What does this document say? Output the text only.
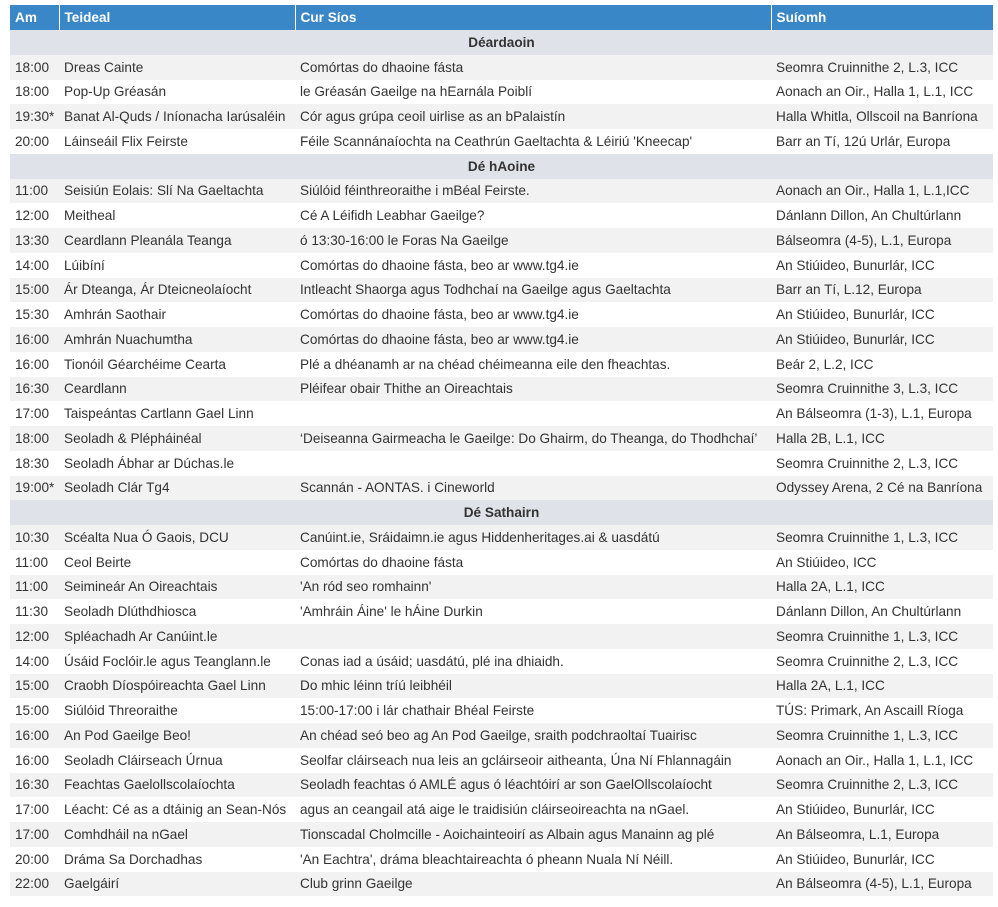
Am	Teideal	Cur Síos	Suíomh
Déardaoin			
18:00	Dreas Cainte	Comórtas do dhaoine fásta	Seomra Cruinnithe 2, L.3, ICC
18:00	Pop-Up Gréasán	le Gréasán Gaeilge na hEarnála Poiblí	Aonach an Oir., Halla 1, L.1, ICC
19:30*	Banat Al-Quds / Iníonacha Iarúsaléin	Cór agus grúpa ceoil uirlise as an bPalaistín	Halla Whitla, Ollscoil na Banríona
20:00	Láinseáil Flix Feirste	Féile Scannánaíochta na Ceathrún Gaeltachta & Léiriú 'Kneecap'	Barr an Tí, 12ú Urlár, Europa
Dé hAoine			
11:00	Seisiún Eolais: Slí Na Gaeltachta	Siúlóid féinthreoraithe i mBéal Feirste.	Aonach an Oir., Halla 1, L.1,ICC
12:00	Meitheal	Cé A Léifidh Leabhar Gaeilge?	Dánlann Dillon, An Chultúrlann
13:30	Ceardlann Pleanála Teanga	ó 13:30-16:00 le Foras Na Gaeilge	Bálseomra (4-5), L.1, Europa
14:00	Lúibíní	Comórtas do dhaoine fásta, beo ar www.tg4.ie	An Stiúideo, Bunurlár, ICC
15:00	Ár Dteanga, Ár Dteicneolaíocht	Intleacht Shaorga agus Todhchaí na Gaeilge agus Gaeltachta	Barr an Tí, L.12, Europa
15:30	Amhrán Saothair	Comórtas do dhaoine fásta, beo ar www.tg4.ie	An Stiúideo, Bunurlár, ICC
16:00	Amhrán Nuachumtha	Comórtas do dhaoine fásta, beo ar www.tg4.ie	An Stiúideo, Bunurlár, ICC
16:00	Tionóil Géarchéime Cearta	Plé a dhéanamh ar na chéad chéimeanna eile den fheachtas.	Beár 2, L.2, ICC
16:30	Ceardlann	Pléifear obair Thithe an Oireachtais	Seomra Cruinnithe 3, L.3, ICC
17:00	Taispeántas Cartlann Gael Linn		An Bálseomra (1-3), L.1, Europa
18:00	Seoladh & Plépháinéal	‘Deiseanna Gairmeacha le Gaeilge: Do Ghairm, do Theanga, do Thodhchaí’	Halla 2B, L.1, ICC
18:30	Seoladh Ábhar ar Dúchas.le		Seomra Cruinnithe 2, L.3, ICC
19:00*	Seoladh Clár Tg4	Scannán - AONTAS. i Cineworld	Odyssey Arena, 2 Cé na Banríona
Dé Sathairn			
10:30	Scéalta Nua Ó Gaois, DCU	Canúint.ie, Sráidaimn.ie agus Hiddenheritages.ai & uasdátú	Seomra Cruinnithe 1, L.3, ICC
11:00	Ceol Beirte	Comórtas do dhaoine fásta	An Stiúideo, ICC
11:00	Seimineár An Oireachtais	'An ród seo romhainn'	Halla 2A, L.1, ICC
11:30	Seoladh Dlúthdhiosca	'Amhráin Áine' le hÁine Durkin	Dánlann Dillon, An Chultúrlann
12:00	Spléachadh Ar Canúint.le		Seomra Cruinnithe 1, L.3, ICC
14:00	Úsáid Foclóir.le agus Teanglann.le	Conas iad a úsáid; uasdátú, plé ina dhiaidh.	Seomra Cruinnithe 2, L.3, ICC
15:00	Craobh Díospóireachta Gael Linn	Do mhic léinn tríú leibhéil	Halla 2A, L.1, ICC
15:00	Siúlóid Threoraithe	15:00-17:00 i lár chathair Bhéal Feirste	TÚS: Primark, An Ascaill Ríoga
16:00	An Pod Gaeilge Beo!	An chéad seó beo ag An Pod Gaeilge, sraith podchraoltaí Tuairisc	Seomra Cruinnithe 1, L.3, ICC
16:00	Seoladh Cláirseach Úrnua	Seolfar cláirseach nua leis an gcláirseoir aitheanta, Úna Ní Fhlannagáin	Aonach an Oir., Halla 1, L.1, ICC
16:30	Feachtas Gaelollscolaíochta	Seoladh feachtas ó AMLÉ agus ó léachtóirí ar son GaelOllscolaíocht	Seomra Cruinnithe 2, L.3, ICC
17:00	Léacht: Cé as a dtáinig an Sean-Nós	agus an ceangail atá aige le traidisiún cláirseoireachta na nGael.	An Stiúideo, Bunurlár, ICC
17:00	Comhdháil na nGael	Tionscadal Cholmcille - Aoichainteoirí as Albain agus Manainn ag plé	An Bálseomra, L.1, Europa
20:00	Dráma Sa Dorchadhas	'An Eachtra', dráma bleachtaireachta ó pheann Nuala Ní Néill.	An Stiúideo, Bunurlár, ICC
22:00	Gaelgáirí	Club grinn Gaeilge	An Bálseomra (4-5), L.1, Europa
